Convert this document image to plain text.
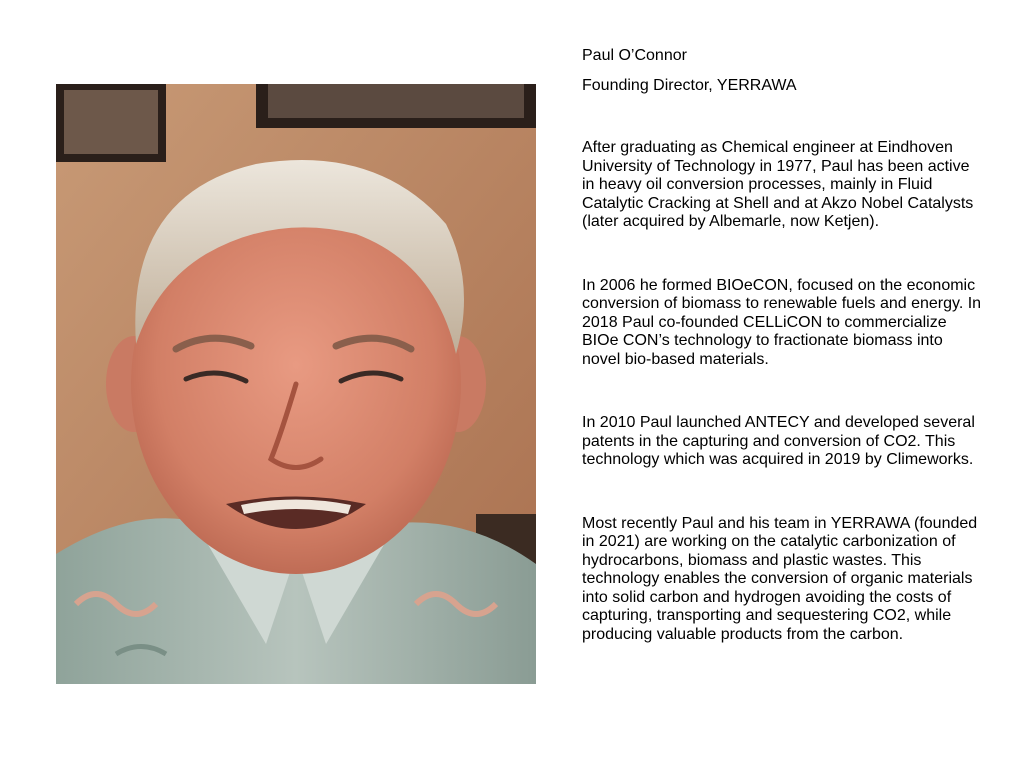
Paul O’Connor

Founding Director, YERRAWA

After graduating as Chemical engineer at Eindhoven University of Technology in 1977, Paul has been active in heavy oil conversion processes, mainly in Fluid Catalytic Cracking at Shell and at Akzo Nobel Catalysts (later acquired by Albemarle, now Ketjen).

In 2006 he formed BIOeCON, focused on the economic conversion of biomass to renewable fuels and energy. In 2018 Paul co-founded CELLiCON to commercialize BIOe CON’s technology to fractionate biomass into novel bio-based materials.

In 2010 Paul launched ANTECY and developed several patents in the capturing and conversion of CO2. This technology which was acquired in 2019 by Climeworks.

Most recently Paul and his team in YERRAWA (founded in 2021) are working on the catalytic carbonization of hydrocarbons, biomass and plastic wastes. This technology enables the conversion of organic materials into solid carbon and hydrogen avoiding the costs of capturing, transporting and sequestering CO2, while producing valuable products from the carbon.
